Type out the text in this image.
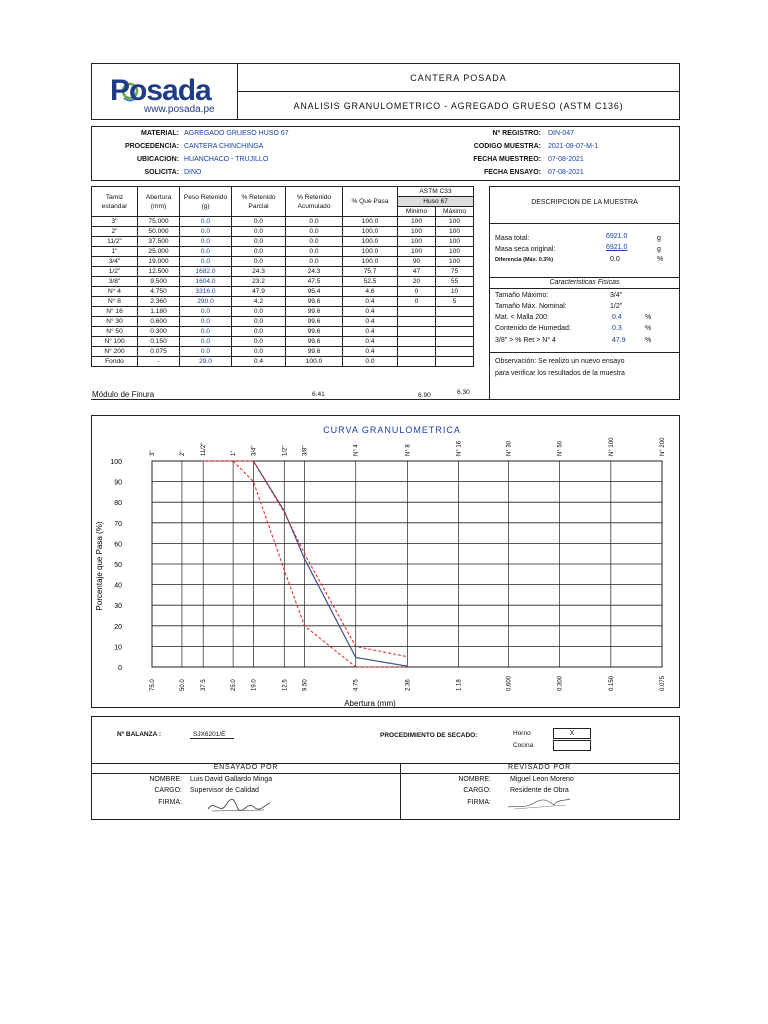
Posada
www.posada.pe
CANTERA POSADA
ANALISIS GRANULOMETRICO - AGREGADO GRUESO (ASTM C136)
MATERIAL: AGREGADO GRUESO HUSO 67
PROCEDENCIA: CANTERA CHINCHINGA
UBICACION: HUANCHACO - TRUJILLO
SOLICITA: DINO
Nº REGISTRO: DIN-047
CODIGO MUESTRA: 2021-08-07-M-1
FECHA MUESTREO: 07-08-2021
FECHA ENSAYO: 07-08-2021
Tamiz estandar	Abertura (mm)	Peso Retenido (g)	% Retenido Parcial	% Retenido Acumulado	% Que Pasa	ASTM C33	
						Huso 67	
						Minimo	Máximo
3"	75.000	0.0	0.0	0.0	100.0	100	100
2"	50.000	0.0	0.0	0.0	100.0	100	100
11/2"	37.500	0.0	0.0	0.0	100.0	100	100
1"	25.000	0.0	0.0	0.0	100.0	100	100
3/4"	19.000	0.0	0.0	0.0	100.0	90	100
1/2"	12.500	1682.0	24.3	24.3	75.7	47	75
3/8"	9.500	1604.0	23.2	47.5	52.5	20	55
N° 4	4.750	3316.0	47.9	95.4	4.6	0	10
N° 8	2.360	290.0	4.2	99.6	0.4	0	5
N° 16	1.180	0.0	0.0	99.6	0.4		
N° 30	0.600	0.0	0.0	99.6	0.4		
N° 50	0.300	0.0	0.0	99.6	0.4		
N° 100	0.150	0.0	0.0	99.6	0.4		
N° 200	0.075	0.0	0.0	99.6	0.4		
Fondo	-	29.0	0.4	100.0	0.0		
Módulo de Finura	6.41	6.90	6.30
DESCRIPCION DE LA MUESTRA
Masa total:	6921.0	g
Masa seca original:	6921.0	g
Diferencia (Máx. 0.3%)	0.0	%
Caracteristicas Fisicas
Tamaño Máximo:	3/4"
Tamaño Máx. Nominal:	1/2"
Mat. < Malla 200:	0.4	%
Contenido de Humedad:	0.3	%
3/8" > % Ret > N° 4	47.9	%
Observación: Se realizo un nuevo ensayo
para verificar los resultados de la muestra
CURVA GRANULOMETRICA
Abertura (mm)
Porcentaje que Pasa (%)
0
10
20
30
40
50
60
70
80
90
100
75.0
3"
50.0
2"
37.5
11/2"
25.0
1"
19.0
3/4"
12.5
1/2"
9.50
3/8"
4.75
N° 4
2.36
N° 8
1.18
N° 16
0.600
N° 30
0.300
N° 50
0.150
N° 100
0.075
N° 200
Nº BALANZA :	SJX6201/E	PROCEDIMIENTO DE SECADO:	Horno	X
Cocina
ENSAYADO POR	REVISADO POR
NOMBRE: Luis David Gallardo Minga
CARGO: Supervisor de Calidad
FIRMA:
NOMBRE:	Miguel Leon Moreno
CARGO:	Residente de Obra
FIRMA:
